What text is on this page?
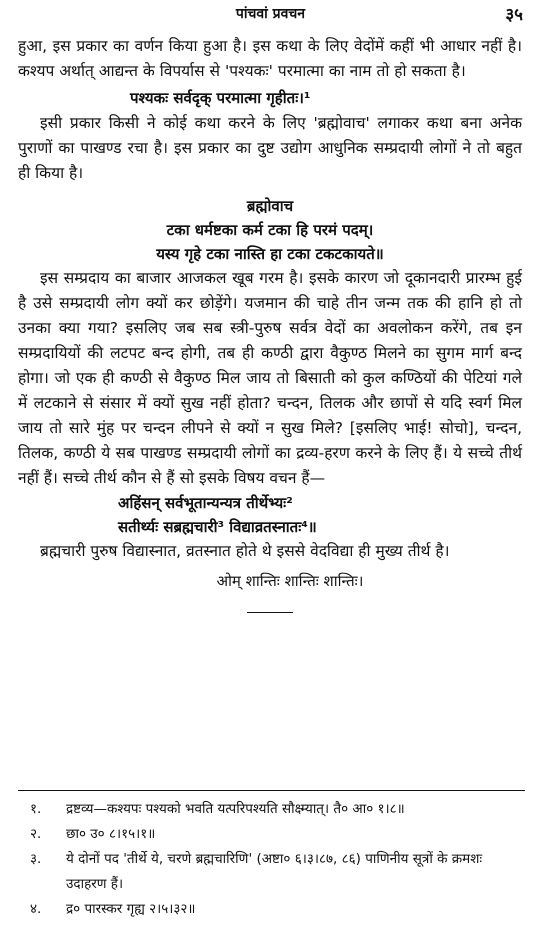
पांचवां प्रवचन	३५

हुआ, इस प्रकार का वर्णन किया हुआ है। इस कथा के लिए वेदोंमें कहीं भी आधार नहीं है। कश्यप अर्थात् आद्यन्त के विपर्यास से 'पश्यकः' परमात्मा का नाम तो हो सकता है।

पश्यकः सर्वदृक् परमात्मा गृहीतः।¹

इसी प्रकार किसी ने कोई कथा करने के लिए 'ब्रह्मोवाच' लगाकर कथा बना अनेक पुराणों का पाखण्ड रचा है। इस प्रकार का दुष्ट उद्योग आधुनिक सम्प्रदायी लोगों ने तो बहुत ही किया है।

ब्रह्मोवाच

टका धर्मष्टका कर्म टका हि परमं पदम्।

यस्य गृहे टका नास्ति हा टका टकटकायते॥

इस सम्प्रदाय का बाजार आजकल खूब गरम है। इसके कारण जो दूकानदारी प्रारम्भ हुई है उसे सम्प्रदायी लोग क्यों कर छोड़ेंगे। यजमान की चाहे तीन जन्म तक की हानि हो तो उनका क्या गया? इसलिए जब सब स्त्री-पुरुष सर्वत्र वेदों का अवलोकन करेंगे, तब इन सम्प्रदायियों की लटपट बन्द होगी, तब ही कण्ठी द्वारा वैकुण्ठ मिलने का सुगम मार्ग बन्द होगा। जो एक ही कण्ठी से वैकुण्ठ मिल जाय तो बिसाती को कुल कण्ठियों की पेटियां गले में लटकाने से संसार में क्यों सुख नहीं होता? चन्दन, तिलक और छापों से यदि स्वर्ग मिल जाय तो सारे मुंह पर चन्दन लीपने से क्यों न सुख मिले? [इसलिए भाई! सोचो], चन्दन, तिलक, कण्ठी ये सब पाखण्ड सम्प्रदायी लोगों का द्रव्य-हरण करने के लिए हैं। ये सच्चे तीर्थ नहीं हैं। सच्चे तीर्थ कौन से हैं सो इसके विषय वचन हैं—

अहिंसन् सर्वभूतान्यन्यत्र तीर्थेभ्यः²

सतीर्थ्यः सब्रह्मचारी³ विद्याव्रतस्नातः⁴॥

ब्रह्मचारी पुरुष विद्यास्नात, व्रतस्नात होते थे इससे वेदविद्या ही मुख्य तीर्थ है।

ओम् शान्तिः शान्तिः शान्तिः।

१.	द्रष्टव्य—कश्यपः पश्यको भवति यत्परिपश्यति सौक्ष्म्यात्। तै० आ० १।८॥
२.	छा० उ० ८।१५।१॥
३.	ये दोनों पद 'तीर्थे ये, चरणे ब्रह्मचारिणि' (अष्टा० ६।३।८७, ८६) पाणिनीय सूत्रों के क्रमशः उदाहरण हैं।
४.	द्र० पारस्कर गृह्य २।५।३२॥
